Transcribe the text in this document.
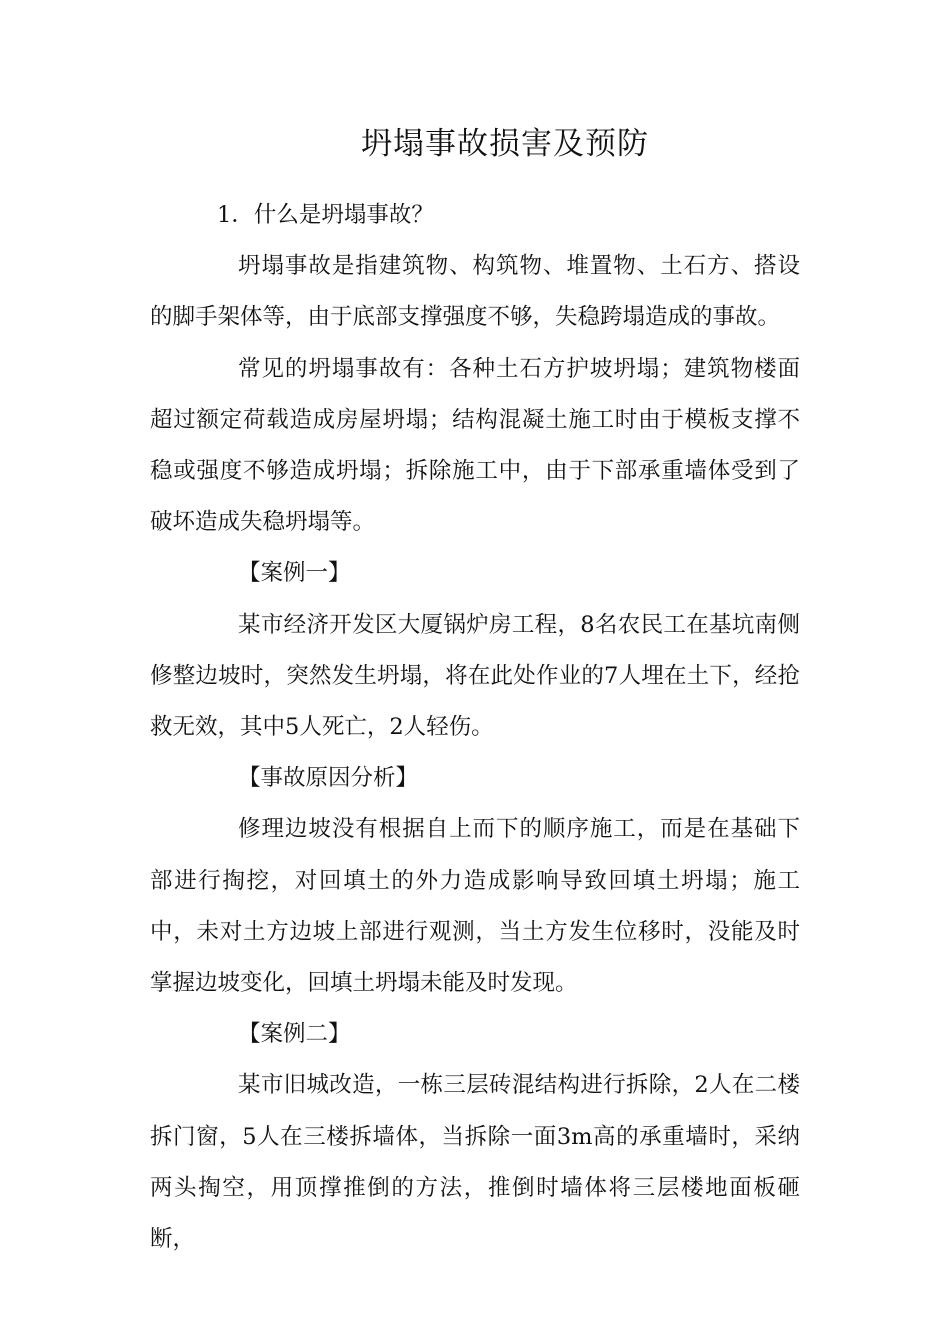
坍塌事故损害及预防

1．什么是坍塌事故？

坍塌事故是指建筑物、构筑物、堆置物、土石方、搭设的脚手架体等，由于底部支撑强度不够，失稳跨塌造成的事故。

常见的坍塌事故有：各种土石方护坡坍塌；建筑物楼面超过额定荷载造成房屋坍塌；结构混凝土施工时由于模板支撑不稳或强度不够造成坍塌；拆除施工中，由于下部承重墙体受到了破坏造成失稳坍塌等。

【案例一】

某市经济开发区大厦锅炉房工程，8名农民工在基坑南侧修整边坡时，突然发生坍塌，将在此处作业的7人埋在土下，经抢救无效，其中5人死亡，2人轻伤。

【事故原因分析】

修理边坡没有根据自上而下的顺序施工，而是在基础下部进行掏挖，对回填土的外力造成影响导致回填土坍塌；施工中，未对土方边坡上部进行观测，当土方发生位移时，没能及时掌握边坡变化，回填土坍塌未能及时发现。

【案例二】

某市旧城改造，一栋三层砖混结构进行拆除，2人在二楼拆门窗，5人在三楼拆墙体，当拆除一面3m高的承重墙时，采纳两头掏空，用顶撑推倒的方法，推倒时墙体将三层楼地面板砸断，
